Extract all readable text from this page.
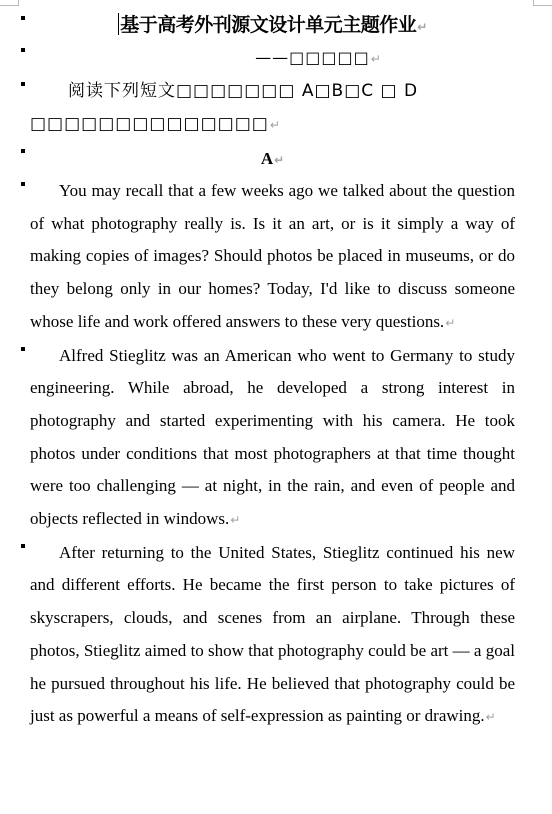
基于高考外刊源文设计单元主题作业↵
——□□□□□↵
阅读下列短文□□□□□□□ A□B□C □ D □□□□□□□□□□□□□□↵
A↵
You may recall that a few weeks ago we talked about the question of what photography really is. Is it an art, or is it simply a way of making copies of images? Should photos be placed in museums, or do they belong only in our homes? Today, I'd like to discuss someone whose life and work offered answers to these very questions.↵
Alfred Stieglitz was an American who went to Germany to study engineering. While abroad, he developed a strong interest in photography and started experimenting with his camera. He took photos under conditions that most photographers at that time thought were too challenging — at night, in the rain, and even of people and objects reflected in windows.↵
After returning to the United States, Stieglitz continued his new and different efforts. He became the first person to take pictures of skyscrapers, clouds, and scenes from an airplane. Through these photos, Stieglitz aimed to show that photography could be art — a goal he pursued throughout his life. He believed that photography could be just as powerful a means of self-expression as painting or drawing.↵
